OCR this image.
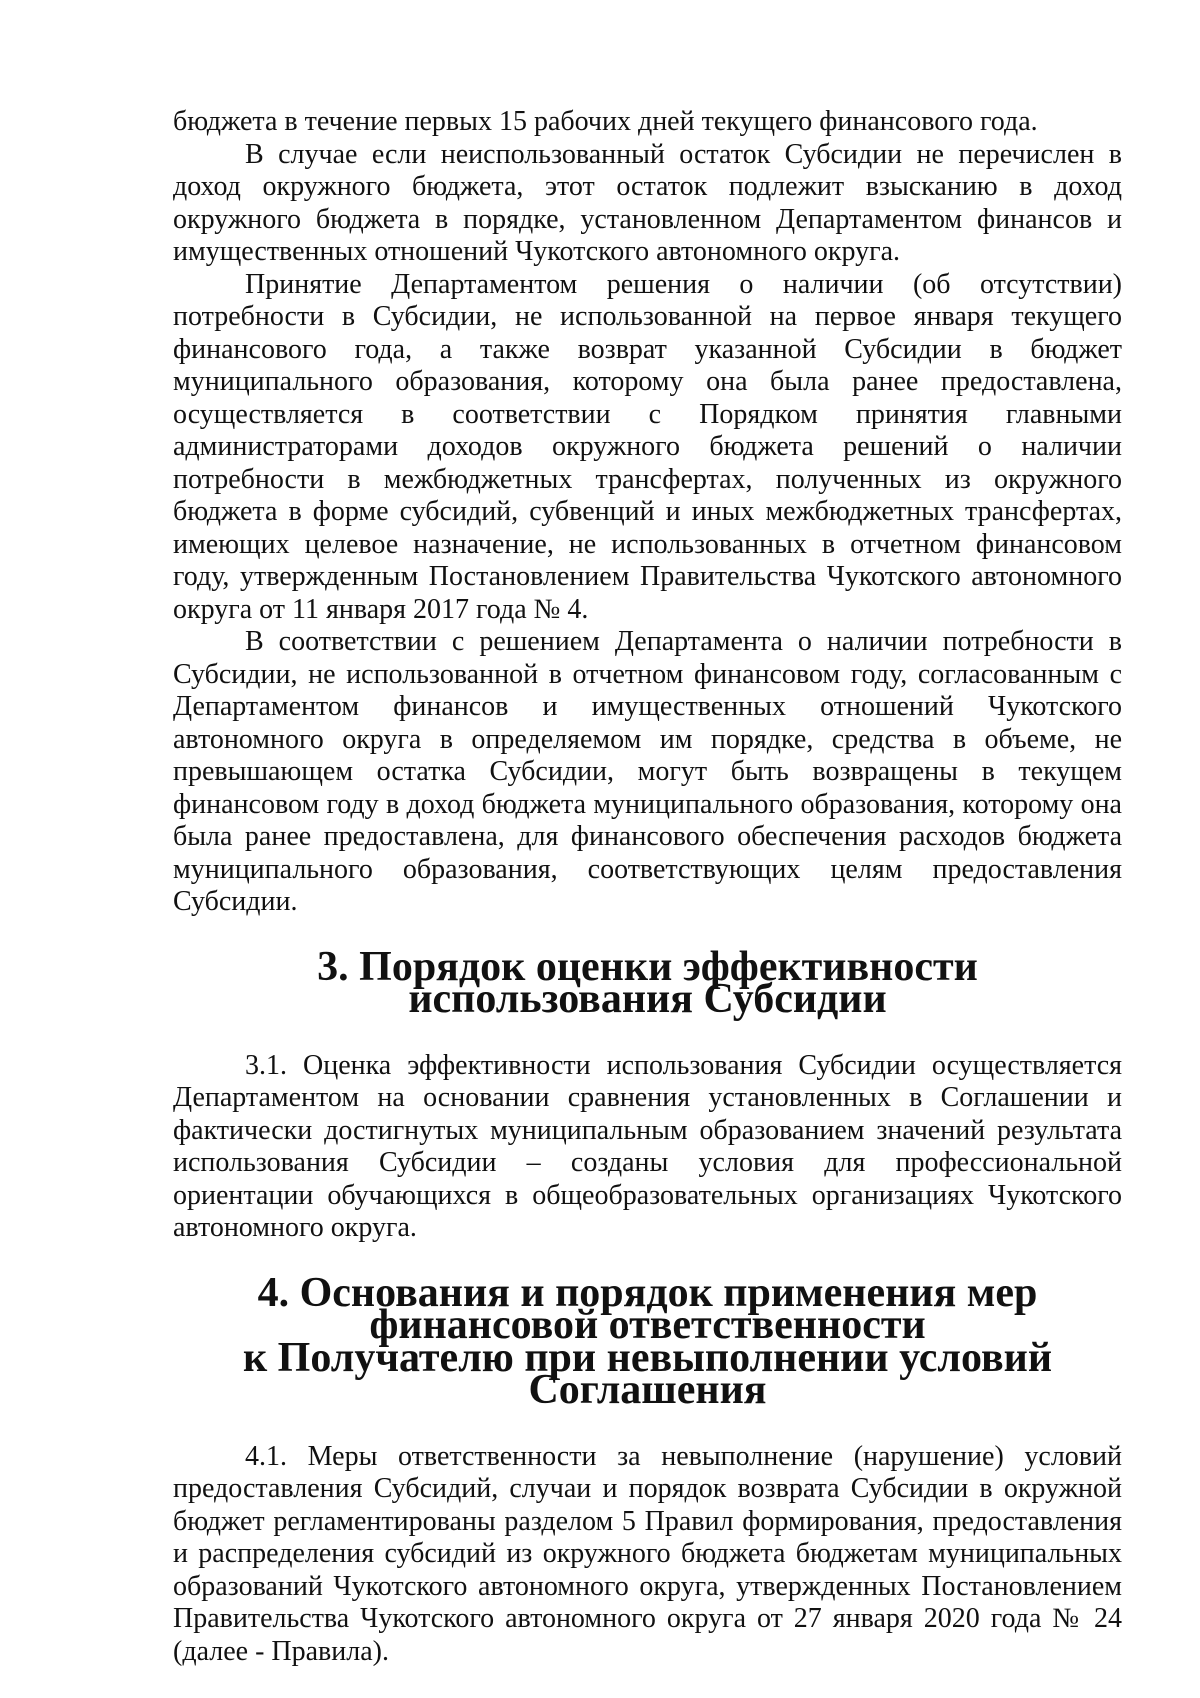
бюджета в течение первых 15 рабочих дней текущего финансового года.

В случае если неиспользованный остаток Субсидии не перечислен в доход окружного бюджета, этот остаток подлежит взысканию в доход окружного бюджета в порядке, установленном Департаментом финансов и имущественных отношений Чукотского автономного округа.

Принятие Департаментом решения о наличии (об отсутствии) потребности в Субсидии, не использованной на первое января текущего финансового года, а также возврат указанной Субсидии в бюджет муниципального образования, которому она была ранее предоставлена, осуществляется в соответствии с Порядком принятия главными администраторами доходов окружного бюджета решений о наличии потребности в межбюджетных трансфертах, полученных из окружного бюджета в форме субсидий, субвенций и иных межбюджетных трансфертах, имеющих целевое назначение, не использованных в отчетном финансовом году, утвержденным Постановлением Правительства Чукотского автономного округа от 11 января 2017 года № 4.

В соответствии с решением Департамента о наличии потребности в Субсидии, не использованной в отчетном финансовом году, согласованным с Департаментом финансов и имущественных отношений Чукотского автономного округа в определяемом им порядке, средства в объеме, не превышающем остатка Субсидии, могут быть возвращены в текущем финансовом году в доход бюджета муниципального образования, которому она была ранее предоставлена, для финансового обеспечения расходов бюджета муниципального образования, соответствующих целям предоставления Субсидии.

3. Порядок оценки эффективности использования Субсидии

3.1. Оценка эффективности использования Субсидии осуществляется Департаментом на основании сравнения установленных в Соглашении и фактически достигнутых муниципальным образованием значений результата использования Субсидии – созданы условия для профессиональной ориентации обучающихся в общеобразовательных организациях Чукотского автономного округа.

4. Основания и порядок применения мер финансовой ответственности
к Получателю при невыполнении условий Соглашения

4.1. Меры ответственности за невыполнение (нарушение) условий предоставления Субсидий, случаи и порядок возврата Субсидии в окружной бюджет регламентированы разделом 5 Правил формирования, предоставления и распределения субсидий из окружного бюджета бюджетам муниципальных образований Чукотского автономного округа, утвержденных Постановлением Правительства Чукотского автономного округа от 27 января 2020 года № 24 (далее - Правила).
